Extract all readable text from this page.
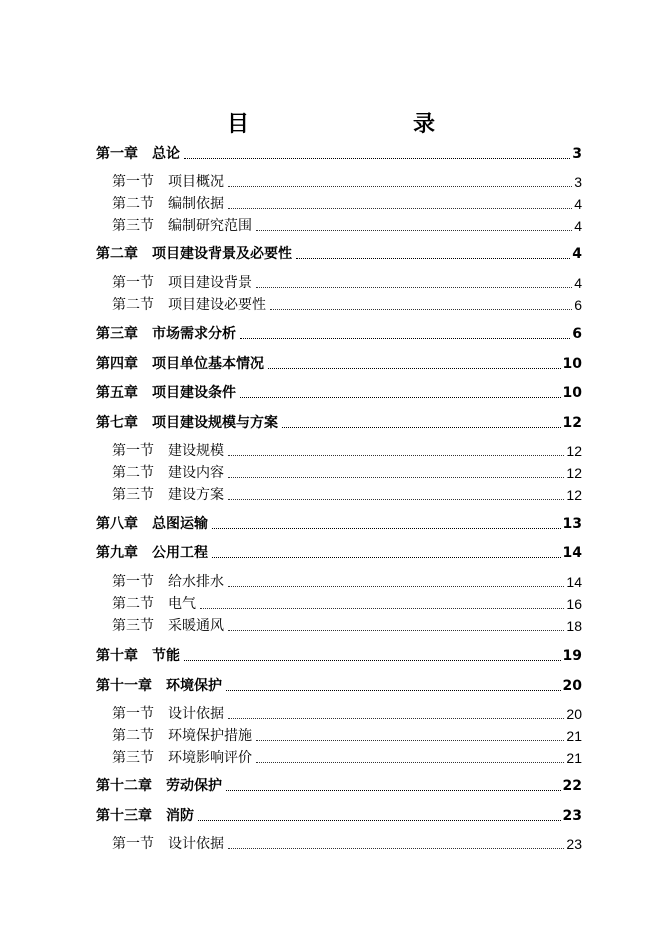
目　　录
第一章　总论	3
第一节　项目概况	3
第二节　编制依据	4
第三节　编制研究范围	4
第二章　项目建设背景及必要性	4
第一节　项目建设背景	4
第二节　项目建设必要性	6
第三章　市场需求分析	6
第四章　项目单位基本情况	10
第五章　项目建设条件	10
第七章　项目建设规模与方案	12
第一节　建设规模	12
第二节　建设内容	12
第三节　建设方案	12
第八章　总图运输	13
第九章　公用工程	14
第一节　给水排水	14
第二节　电气	16
第三节　采暖通风	18
第十章　节能	19
第十一章　环境保护	20
第一节　设计依据	20
第二节　环境保护措施	21
第三节　环境影响评价	21
第十二章　劳动保护	22
第十三章　消防	23
第一节　设计依据	23
